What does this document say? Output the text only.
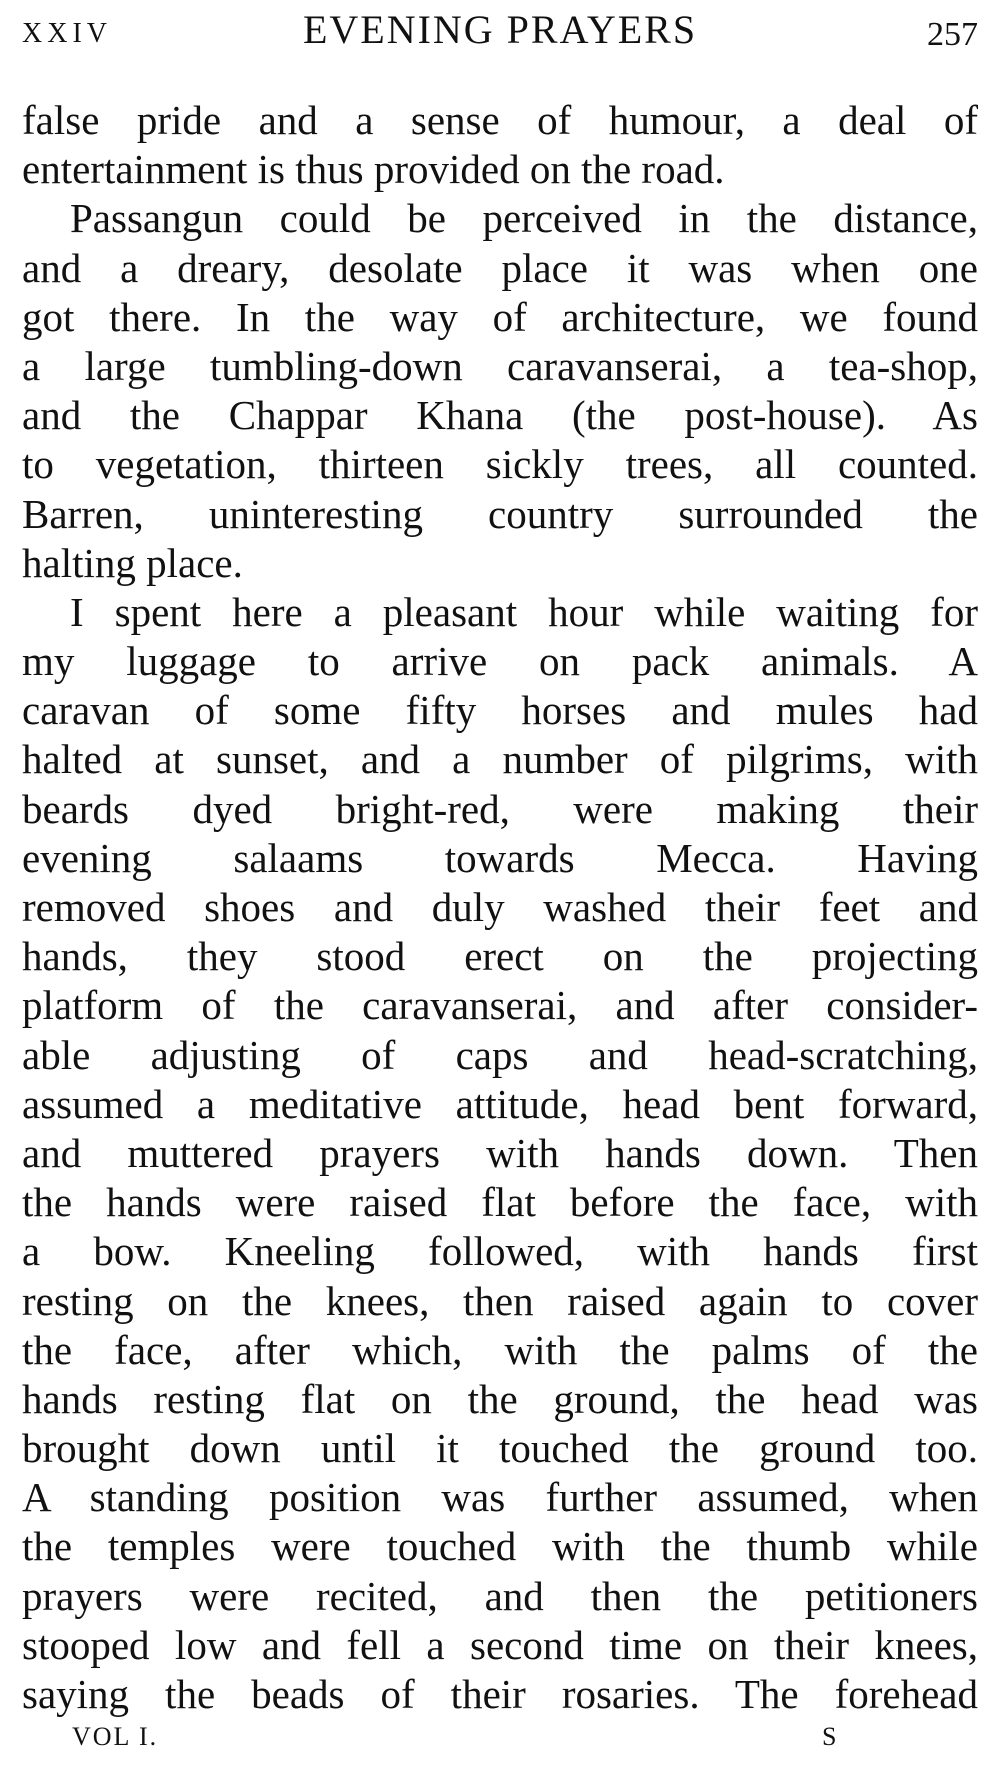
XXIV	EVENING PRAYERS	257
false pride and a sense of humour, a deal of
entertainment is thus provided on the road.
Passangun could be perceived in the distance,
and a dreary, desolate place it was when one
got there. In the way of architecture, we found
a large tumbling-down caravanserai, a tea-shop,
and the Chappar Khana (the post-house). As
to vegetation, thirteen sickly trees, all counted.
Barren, uninteresting country surrounded the
halting place.
I spent here a pleasant hour while waiting for
my luggage to arrive on pack animals. A
caravan of some fifty horses and mules had
halted at sunset, and a number of pilgrims, with
beards dyed bright-red, were making their
evening salaams towards Mecca. Having
removed shoes and duly washed their feet and
hands, they stood erect on the projecting
platform of the caravanserai, and after consider-
able adjusting of caps and head-scratching,
assumed a meditative attitude, head bent forward,
and muttered prayers with hands down. Then
the hands were raised flat before the face, with
a bow. Kneeling followed, with hands first
resting on the knees, then raised again to cover
the face, after which, with the palms of the
hands resting flat on the ground, the head was
brought down until it touched the ground too.
A standing position was further assumed, when
the temples were touched with the thumb while
prayers were recited, and then the petitioners
stooped low and fell a second time on their knees,
saying the beads of their rosaries. The forehead
VOL I.	S
